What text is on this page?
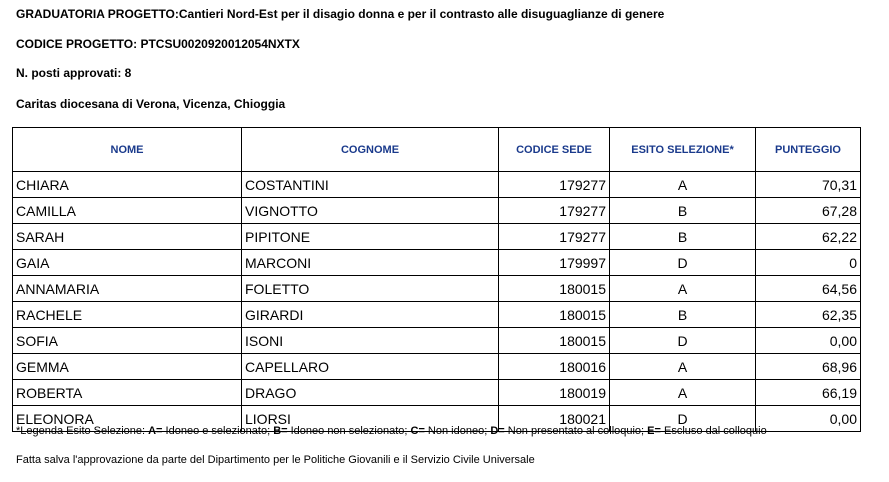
GRADUATORIA PROGETTO:Cantieri Nord-Est per il disagio donna e per il contrasto alle disuguaglianze di genere
CODICE PROGETTO: PTCSU0020920012054NXTX
N. posti approvati: 8
Caritas diocesana di Verona, Vicenza, Chioggia
NOME	COGNOME	CODICE SEDE	ESITO SELEZIONE*	PUNTEGGIO
CHIARA	COSTANTINI	179277	A	70,31
CAMILLA	VIGNOTTO	179277	B	67,28
SARAH	PIPITONE	179277	B	62,22
GAIA	MARCONI	179997	D	0
ANNAMARIA	FOLETTO	180015	A	64,56
RACHELE	GIRARDI	180015	B	62,35
SOFIA	ISONI	180015	D	0,00
GEMMA	CAPELLARO	180016	A	68,96
ROBERTA	DRAGO	180019	A	66,19
ELEONORA	LIORSI	180021	D	0,00
*Legenda Esito Selezione: A= Idoneo e selezionato; B= Idoneo non selezionato; C= Non idoneo; D= Non presentato al colloquio; E= Escluso dal colloquio
Fatta salva l'approvazione da parte del Dipartimento per le Politiche Giovanili e il Servizio Civile Universale
